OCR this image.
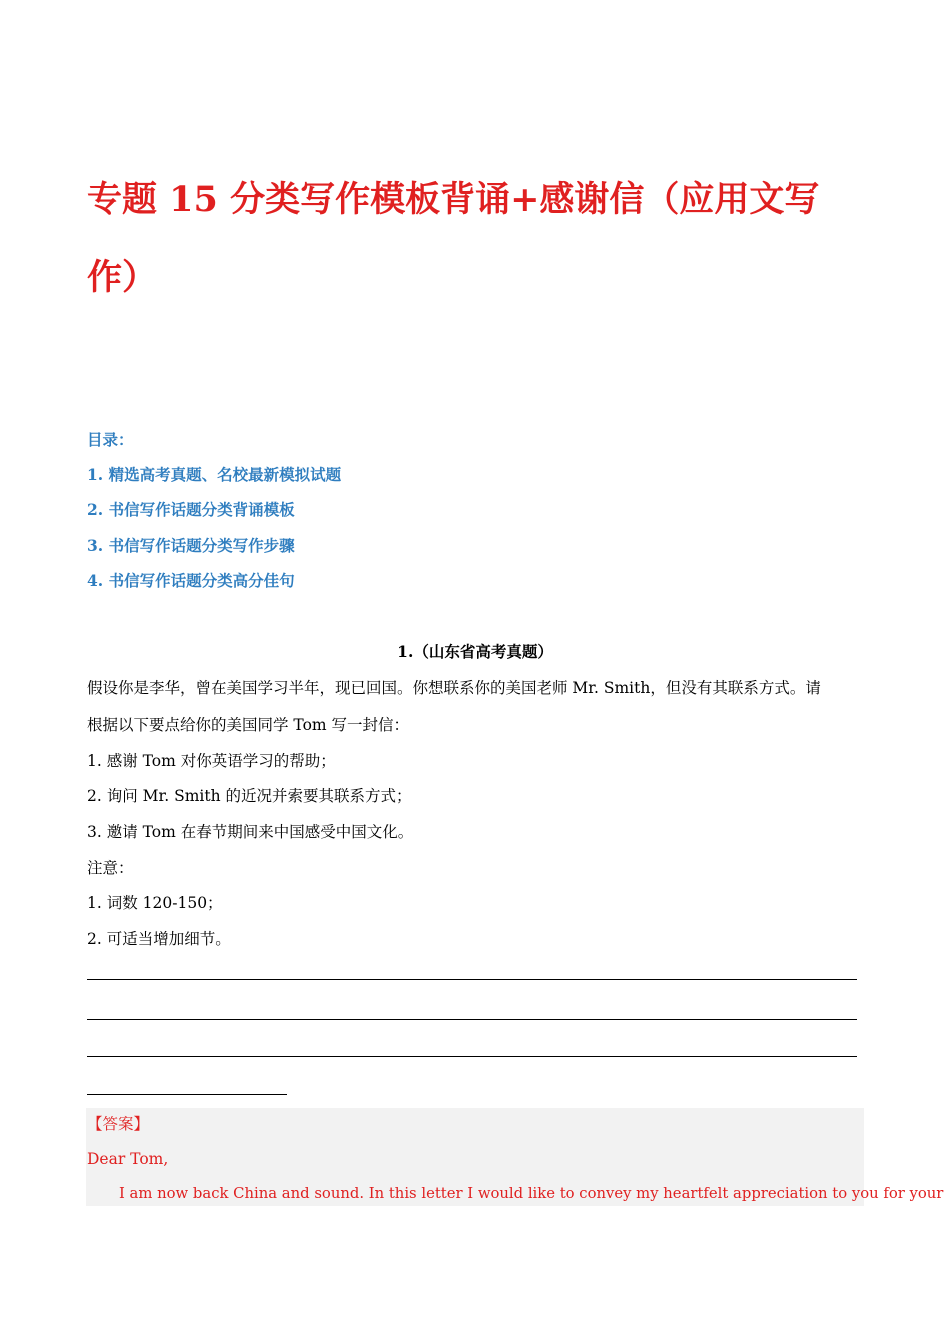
专题 15 分类写作模板背诵+感谢信（应用文写
作）
目录：
1. 精选高考真题、名校最新模拟试题
2. 书信写作话题分类背诵模板
3. 书信写作话题分类写作步骤
4. 书信写作话题分类高分佳句
1.（山东省高考真题）
假设你是李华，曾在美国学习半年，现已回国。你想联系你的美国老师 Mr. Smith，但没有其联系方式。请
根据以下要点给你的美国同学 Tom 写一封信：
1. 感谢 Tom 对你英语学习的帮助；
2. 询问 Mr. Smith 的近况并索要其联系方式；
3. 邀请 Tom 在春节期间来中国感受中国文化。
注意：
1. 词数 120-150；
2. 可适当增加细节。
【答案】
Dear Tom,
I am now back China and sound. In this letter I would like to convey my heartfelt appreciation to you for your
